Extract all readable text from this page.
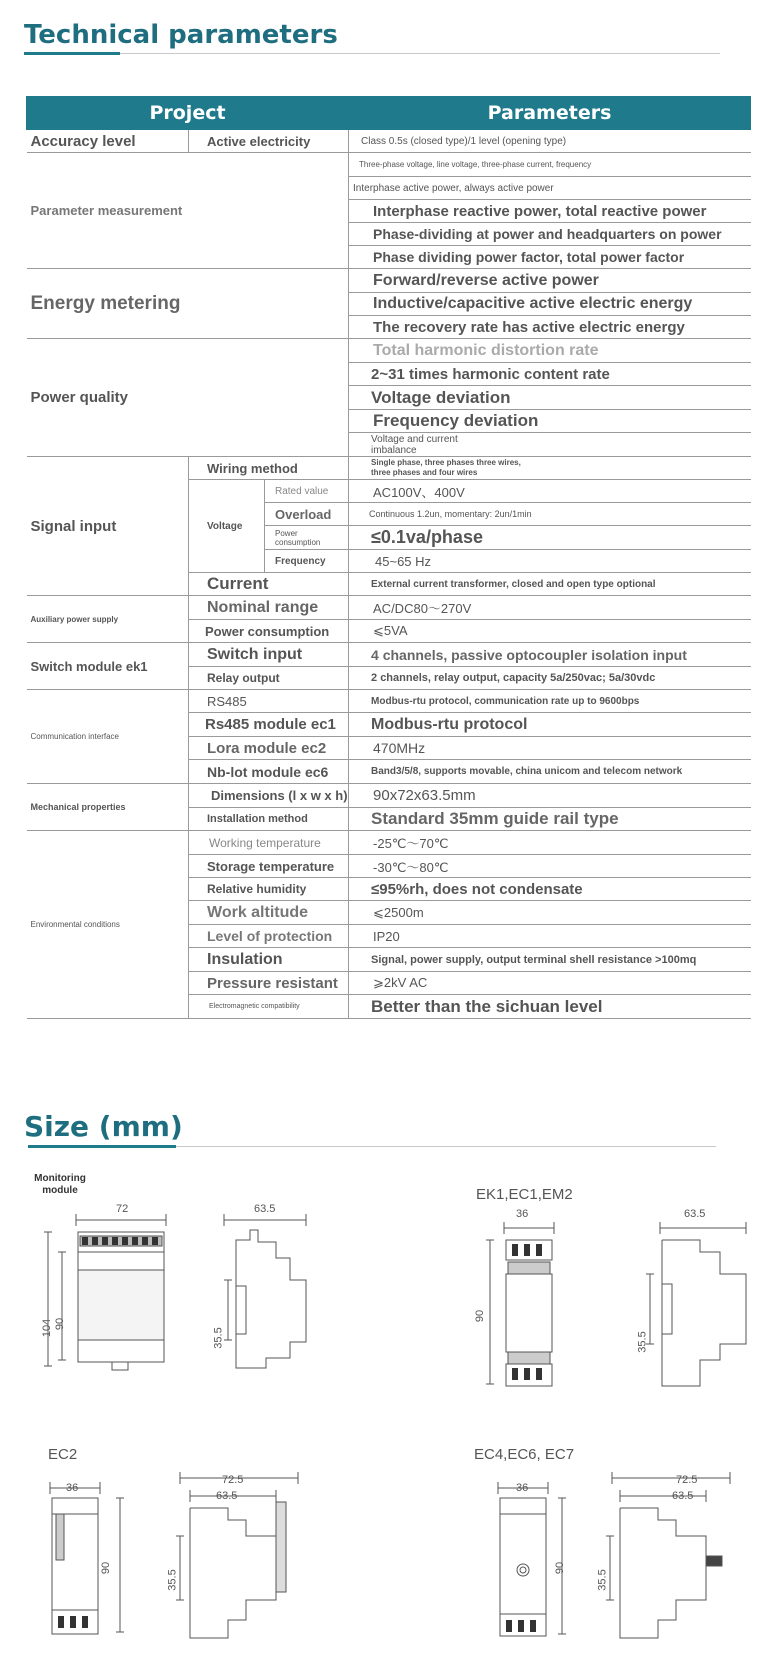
Technical parameters
Project			Parameters
Accuracy level	Active electricity		Class 0.5s (closed type)/1 level (opening type)
Parameter measurement			Three-phase voltage, line voltage, three-phase current, frequency
			Interphase active power, always active power
			Interphase reactive power, total reactive power
			Phase-dividing at power and headquarters on power
			Phase dividing power factor, total power factor
Energy metering			Forward/reverse active power
			Inductive/capacitive active electric energy
			The recovery rate has active electric energy
Power quality			Total harmonic distortion rate
			2~31 times harmonic content rate
			Voltage deviation
			Frequency deviation

			Voltage and current imbalance

Signal input	Wiring method		Single phase, three phases three wires, three phases and four wires

	Voltage	Rated value	AC100V、400V
		Overload	Continuous 1.2un, momentary: 2un/1min

		Power consumption	≤0.1va/phase
		Frequency	45~65 Hz
	Current		External current transformer, closed and open type optional
Auxiliary power supply	Nominal range		AC/DC80～270V
	Power consumption		⩽5VA
Switch module ek1	Switch input		4 channels, passive optocoupler isolation input
	Relay output		2 channels, relay output, capacity 5a/250vac; 5a/30vdc
Communication interface	RS485		Modbus-rtu protocol, communication rate up to 9600bps
	Rs485 module ec1		Modbus-rtu protocol
	Lora module ec2		470MHz
	Nb-lot module ec6		Band3/5/8, supports movable, china unicom and telecom network
Mechanical properties	Dimensions (l x w x h)		90x72x63.5mm
	Installation method		Standard 35mm guide rail type
Environmental conditions	Working temperature		-25℃～70℃
	Storage temperature		-30℃～80℃
	Relative humidity		≤95%rh, does not condensate
	Work altitude		⩽2500m
	Level of protection		IP20
	Insulation		Signal, power supply, output terminal shell resistance >100mq
	Pressure resistant		⩾2kV AC
	Electromagnetic compatibility		Better than the sichuan level
Size (mm)
Monitoring module
72
104 90
63.5
35.5
EK1,EC1,EM2
36
90
63.5
35.5
EC2
36
90
72.5
63.5
35.5
EC4,EC6, EC7
36
90
72.5
63.5
35.5
